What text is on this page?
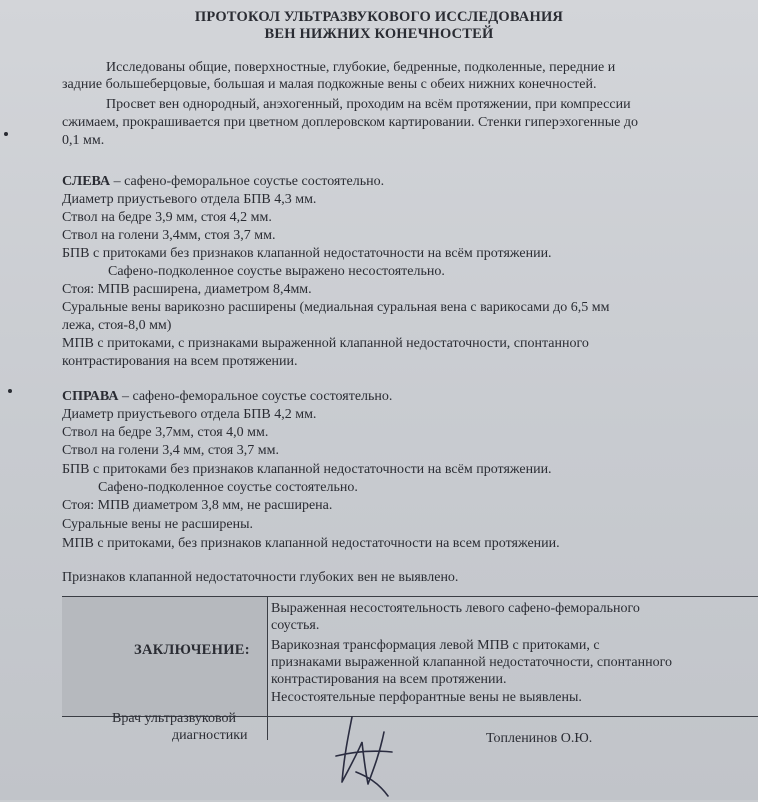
ПРОТОКОЛ УЛЬТРАЗВУКОВОГО ИССЛЕДОВАНИЯ
ВЕН НИЖНИХ КОНЕЧНОСТЕЙ
Исследованы общие, поверхностные, глубокие, бедренные, подколенные, передние и
задние большеберцовые, большая и малая подкожные вены с обеих нижних конечностей.
Просвет вен однородный, анэхогенный, проходим на всём протяжении, при компрессии
сжимаем, прокрашивается при цветном доплеровском картировании. Стенки гиперэхогенные до
0,1 мм.
СЛЕВА – сафено-феморальное соустье состоятельно.
Диаметр приустьевого отдела БПВ 4,3 мм.
Ствол на бедре 3,9 мм, стоя 4,2 мм.
Ствол на голени 3,4мм, стоя 3,7 мм.
БПВ с притоками без признаков клапанной недостаточности на всём протяжении.
Сафено-подколенное соустье выражено несостоятельно.
Стоя: МПВ расширена, диаметром 8,4мм.
Суральные вены варикозно расширены (медиальная суральная вена с варикосами до 6,5 мм
лежа, стоя-8,0 мм)
МПВ с притоками, с признаками выраженной клапанной недостаточности, спонтанного
контрастирования на всем протяжении.
СПРАВА – сафено-феморальное соустье состоятельно.
Диаметр приустьевого отдела БПВ 4,2 мм.
Ствол на бедре 3,7мм, стоя 4,0 мм.
Ствол на голени 3,4 мм, стоя 3,7 мм.
БПВ с притоками без признаков клапанной недостаточности на всём протяжении.
Сафено-подколенное соустье состоятельно.
Стоя: МПВ диаметром 3,8 мм, не расширена.
Суральные вены не расширены.
МПВ с притоками, без признаков клапанной недостаточности на всем протяжении.
Признаков клапанной недостаточности глубоких вен не выявлено.
ЗАКЛЮЧЕНИЕ:
Выраженная несостоятельность левого сафено-феморального
соустья.
Варикозная трансформация левой МПВ с притоками, с
признаками выраженной клапанной недостаточности, спонтанного
контрастирования на всем протяжении.
Несостоятельные перфорантные вены не выявлены.
Врач ультразвуковой
диагностики	Топленинов О.Ю.
